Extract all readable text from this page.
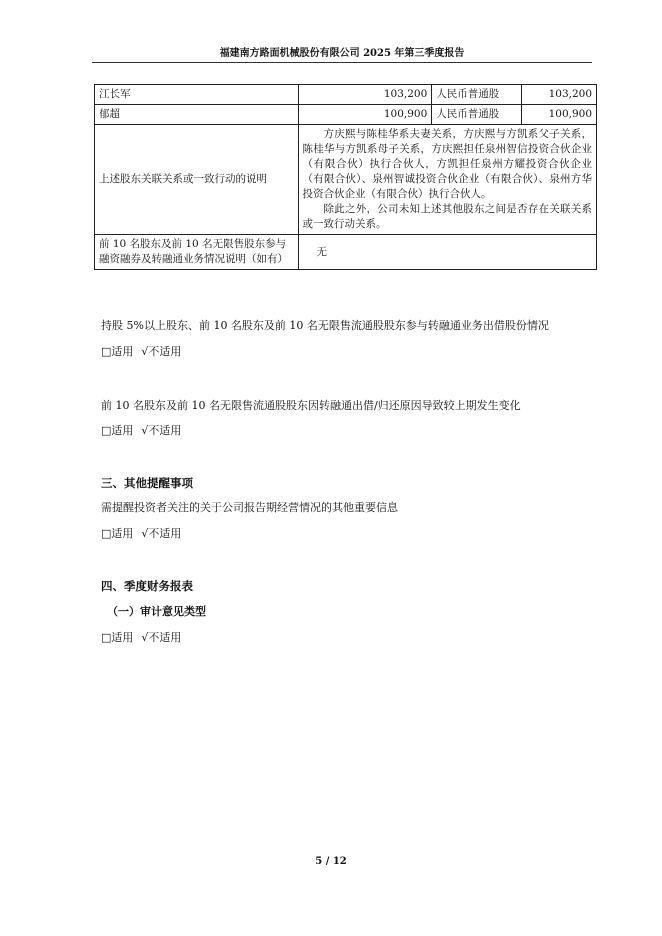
福建南方路面机械股份有限公司 2025 年第三季度报告
江长军	103,200	人民币普通股	103,200
郁超	100,900	人民币普通股	100,900
上述股东关联关系或一致行动的说明	方庆熙与陈桂华系夫妻关系，方庆熙与方凯系父子关系，陈桂华与方凯系母子关系，方庆熙担任泉州智信投资合伙企业（有限合伙）执行合伙人，方凯担任泉州方耀投资合伙企业（有限合伙）、泉州智诚投资合伙企业（有限合伙）、泉州方华投资合伙企业（有限合伙）执行合伙人。

除此之外，公司未知上述其他股东之间是否存在关联关系或一致行动关系。		

前 10 名股东及前 10 名无限售股东参与融资融券及转融通业务情况说明（如有）	无		
持股 5%以上股东、前 10 名股东及前 10 名无限售流通股股东参与转融通业务出借股份情况
□适用 √不适用
前 10 名股东及前 10 名无限售流通股股东因转融通出借/归还原因导致较上期发生变化
□适用 √不适用
三、其他提醒事项
需提醒投资者关注的关于公司报告期经营情况的其他重要信息
□适用 √不适用
四、季度财务报表
（一）审计意见类型
□适用 √不适用
5 / 12
